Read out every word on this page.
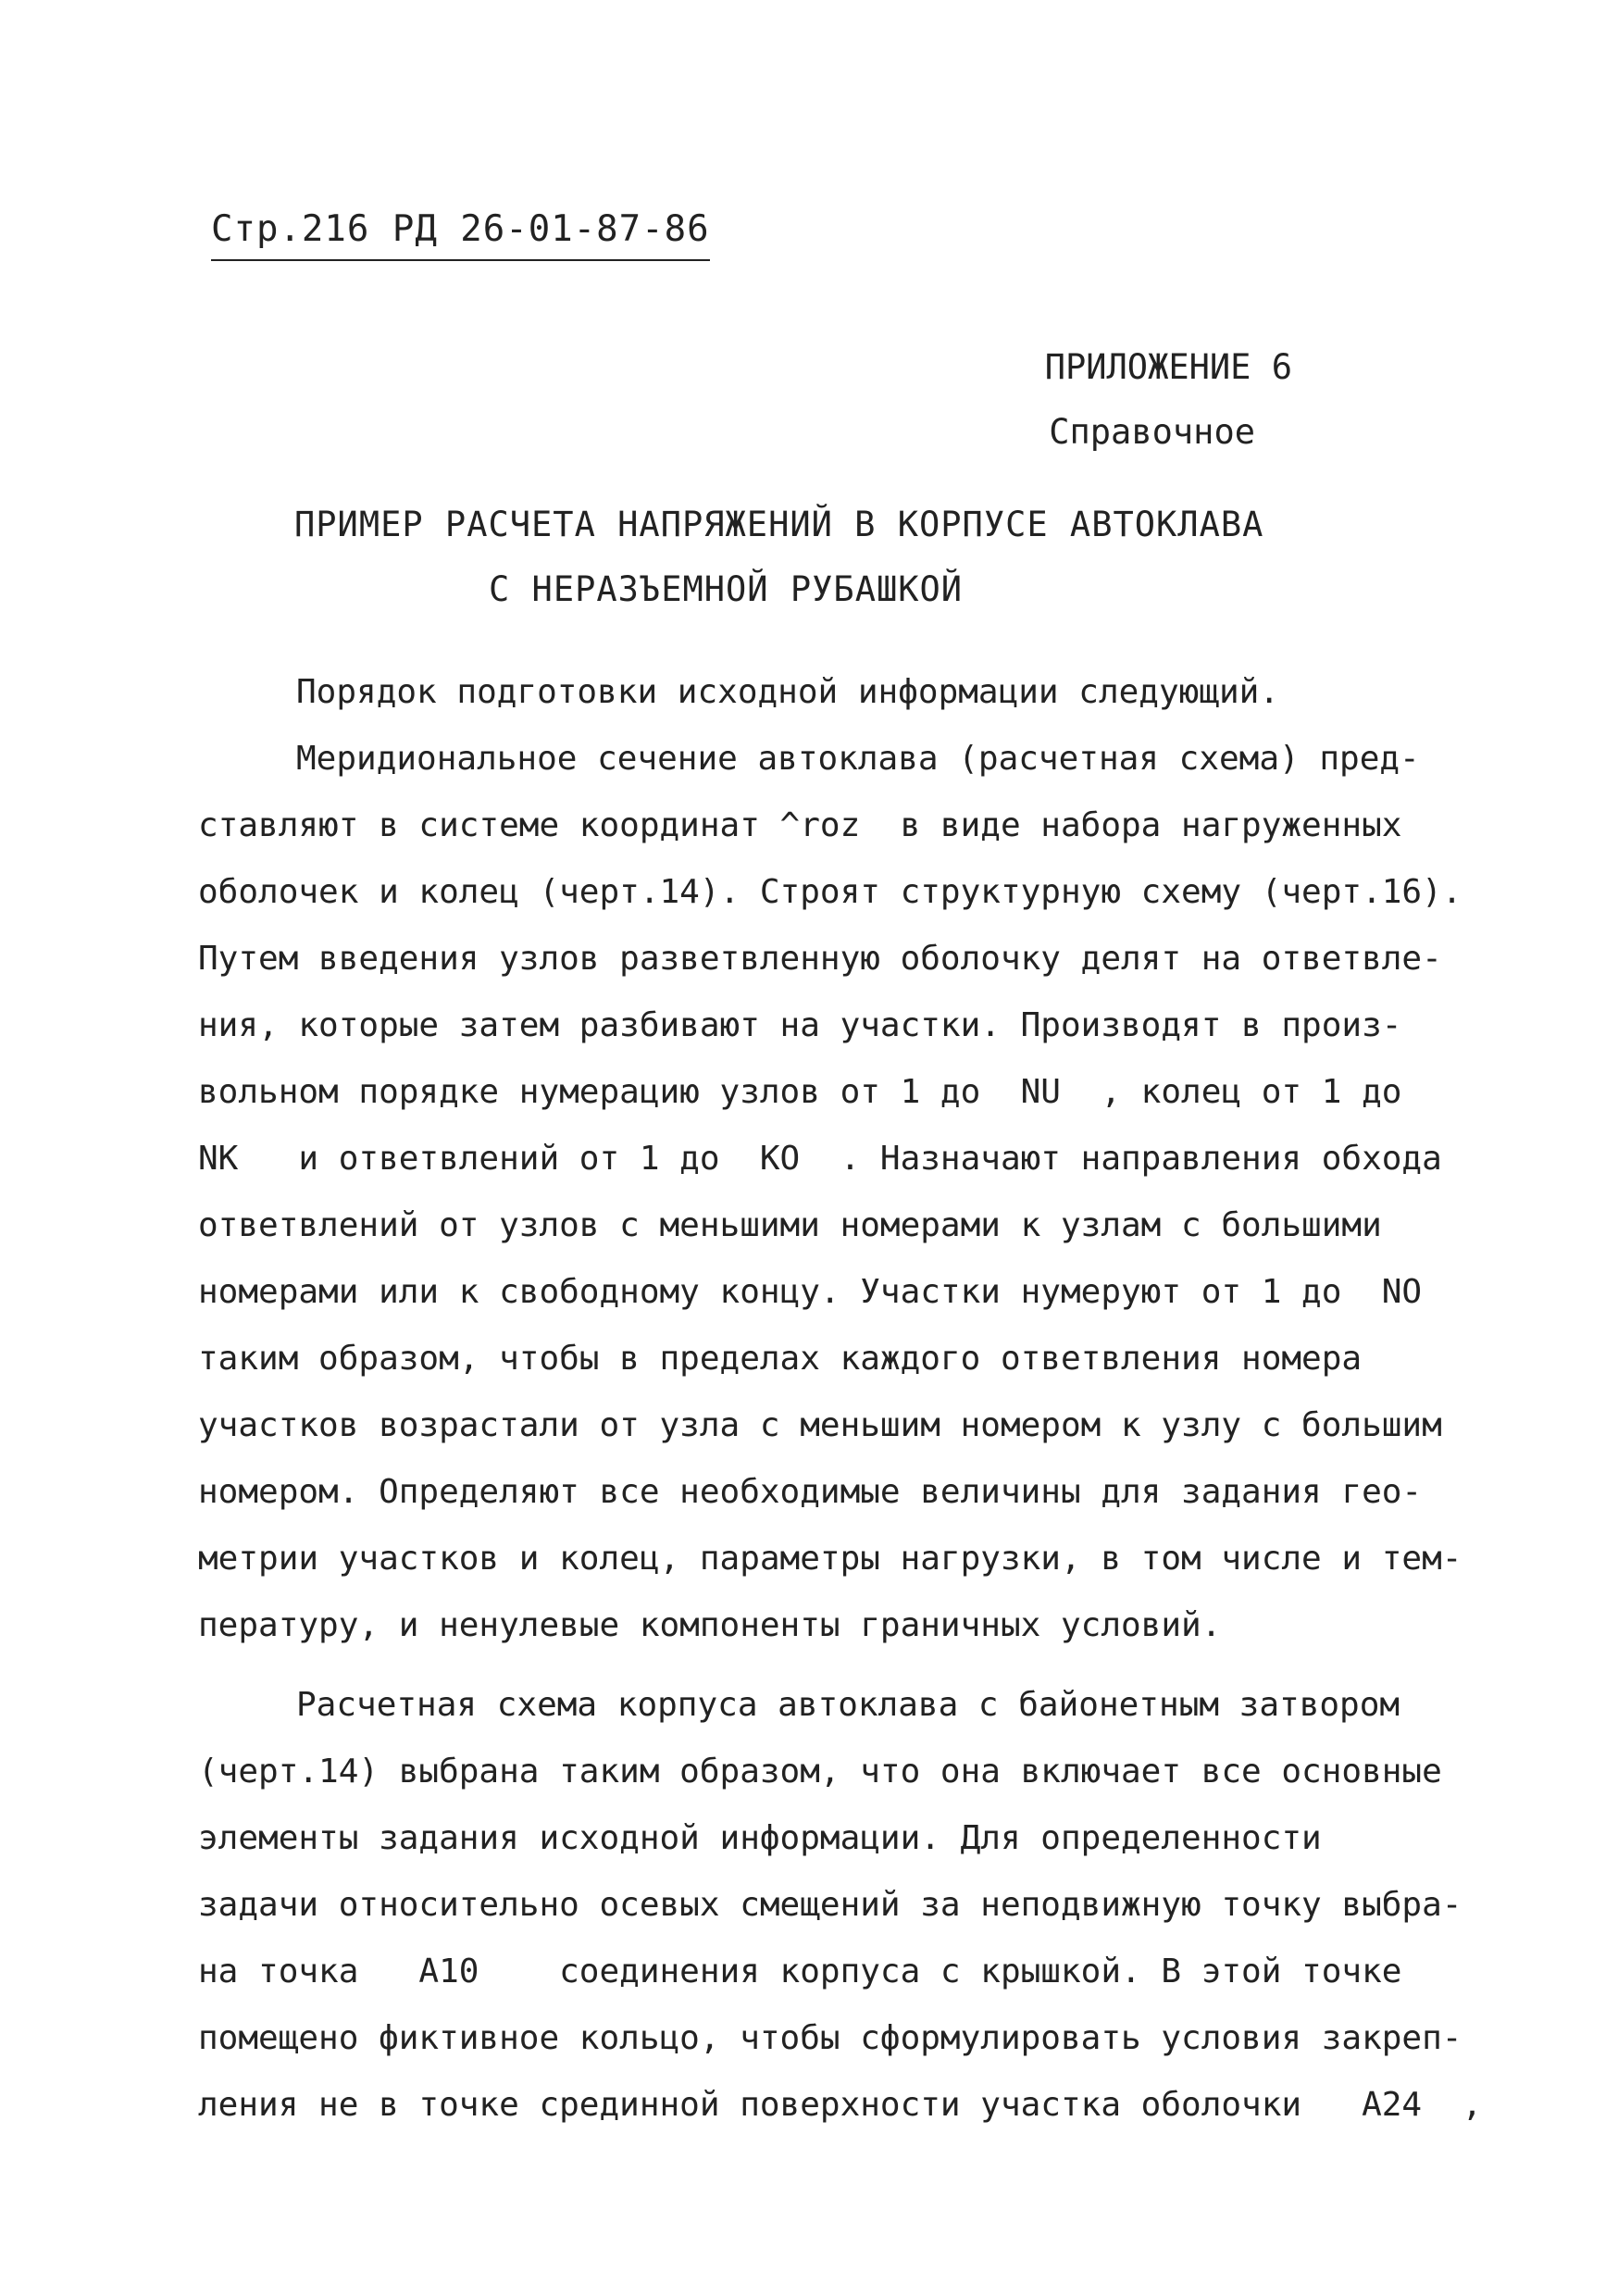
Стр.216 РД 26-01-87-86
ПРИЛОЖЕНИЕ 6
Справочное
ПРИМЕР РАСЧЕТА НАПРЯЖЕНИЙ В КОРПУСЕ АВТОКЛАВА
С НЕРАЗЪЕМНОЙ РУБАШКОЙ
Порядок подготовки исходной информации следующий.
Меридиональное сечение автоклава (расчетная схема) пред-
ставляют в системе координат ^roz  в виде набора нагруженных
оболочек и колец (черт.14). Строят структурную схему (черт.16).
Путем введения узлов разветвленную оболочку делят на ответвле-
ния, которые затем разбивают на участки. Производят в произ-
вольном порядке нумерацию узлов от 1 до  NU  , колец от 1 до
NK   и ответвлений от 1 до  KO  . Назначают направления обхода
ответвлений от узлов с меньшими номерами к узлам с большими
номерами или к свободному концу. Участки нумеруют от 1 до  NO
таким образом, чтобы в пределах каждого ответвления номера
участков возрастали от узла с меньшим номером к узлу с большим
номером. Определяют все необходимые величины для задания гео-
метрии участков и колец, параметры нагрузки, в том числе и тем-
пературу, и ненулевые компоненты граничных условий.
Расчетная схема корпуса автоклава с байонетным затвором
(черт.14) выбрана таким образом, что она включает все основные
элементы задания исходной информации. Для определенности
задачи относительно осевых смещений за неподвижную точку выбра-
на точка   A10    соединения корпуса с крышкой. В этой точке
помещено фиктивное кольцо, чтобы сформулировать условия закреп-
ления не в точке срединной поверхности участка оболочки   A24  ,
